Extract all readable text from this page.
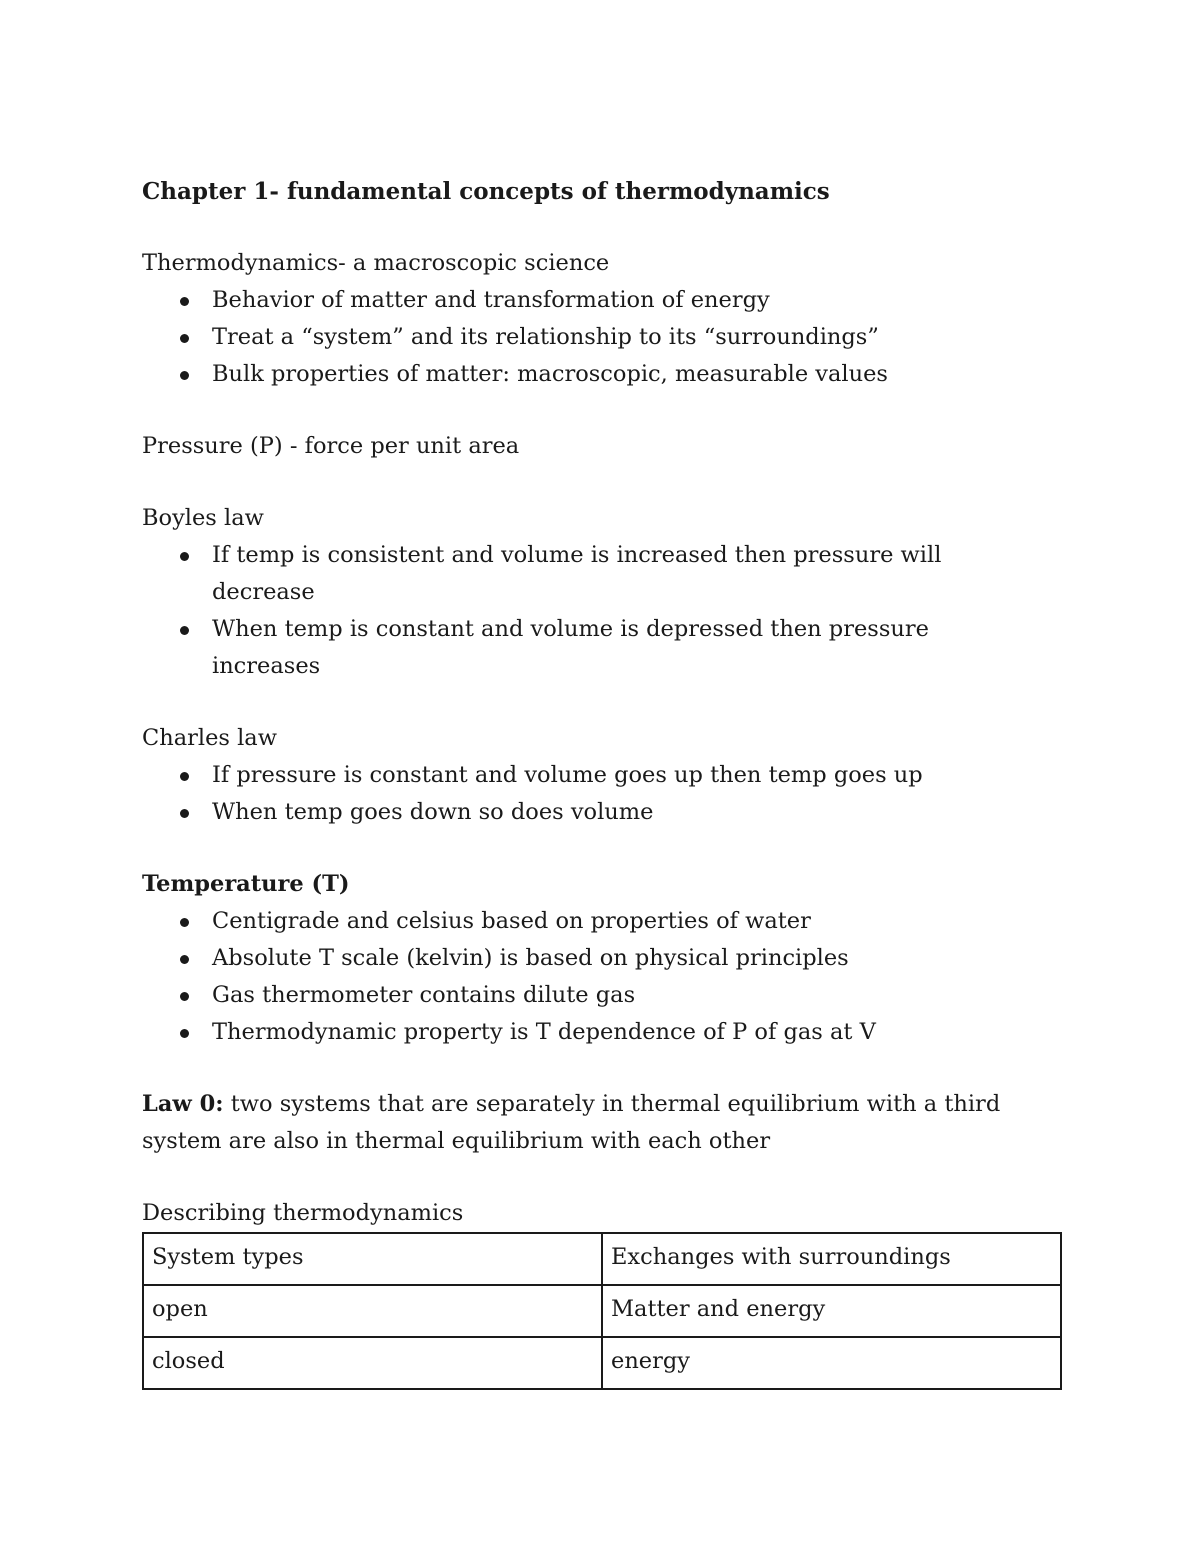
Chapter 1- fundamental concepts of thermodynamics

Thermodynamics- a macroscopic science

Behavior of matter and transformation of energy
Treat a “system” and its relationship to its “surroundings”
Bulk properties of matter: macroscopic, measurable values

Pressure (P) - force per unit area

Boyles law

If temp is consistent and volume is increased then pressure will decrease
When temp is constant and volume is depressed then pressure increases

Charles law

If pressure is constant and volume goes up then temp goes up
When temp goes down so does volume

Temperature (T)

Centigrade and celsius based on properties of water
Absolute T scale (kelvin) is based on physical principles
Gas thermometer contains dilute gas
Thermodynamic property is T dependence of P of gas at V

Law 0: two systems that are separately in thermal equilibrium with a third system are also in thermal equilibrium with each other

Describing thermodynamics

System types	Exchanges with surroundings
open	Matter and energy
closed	energy
